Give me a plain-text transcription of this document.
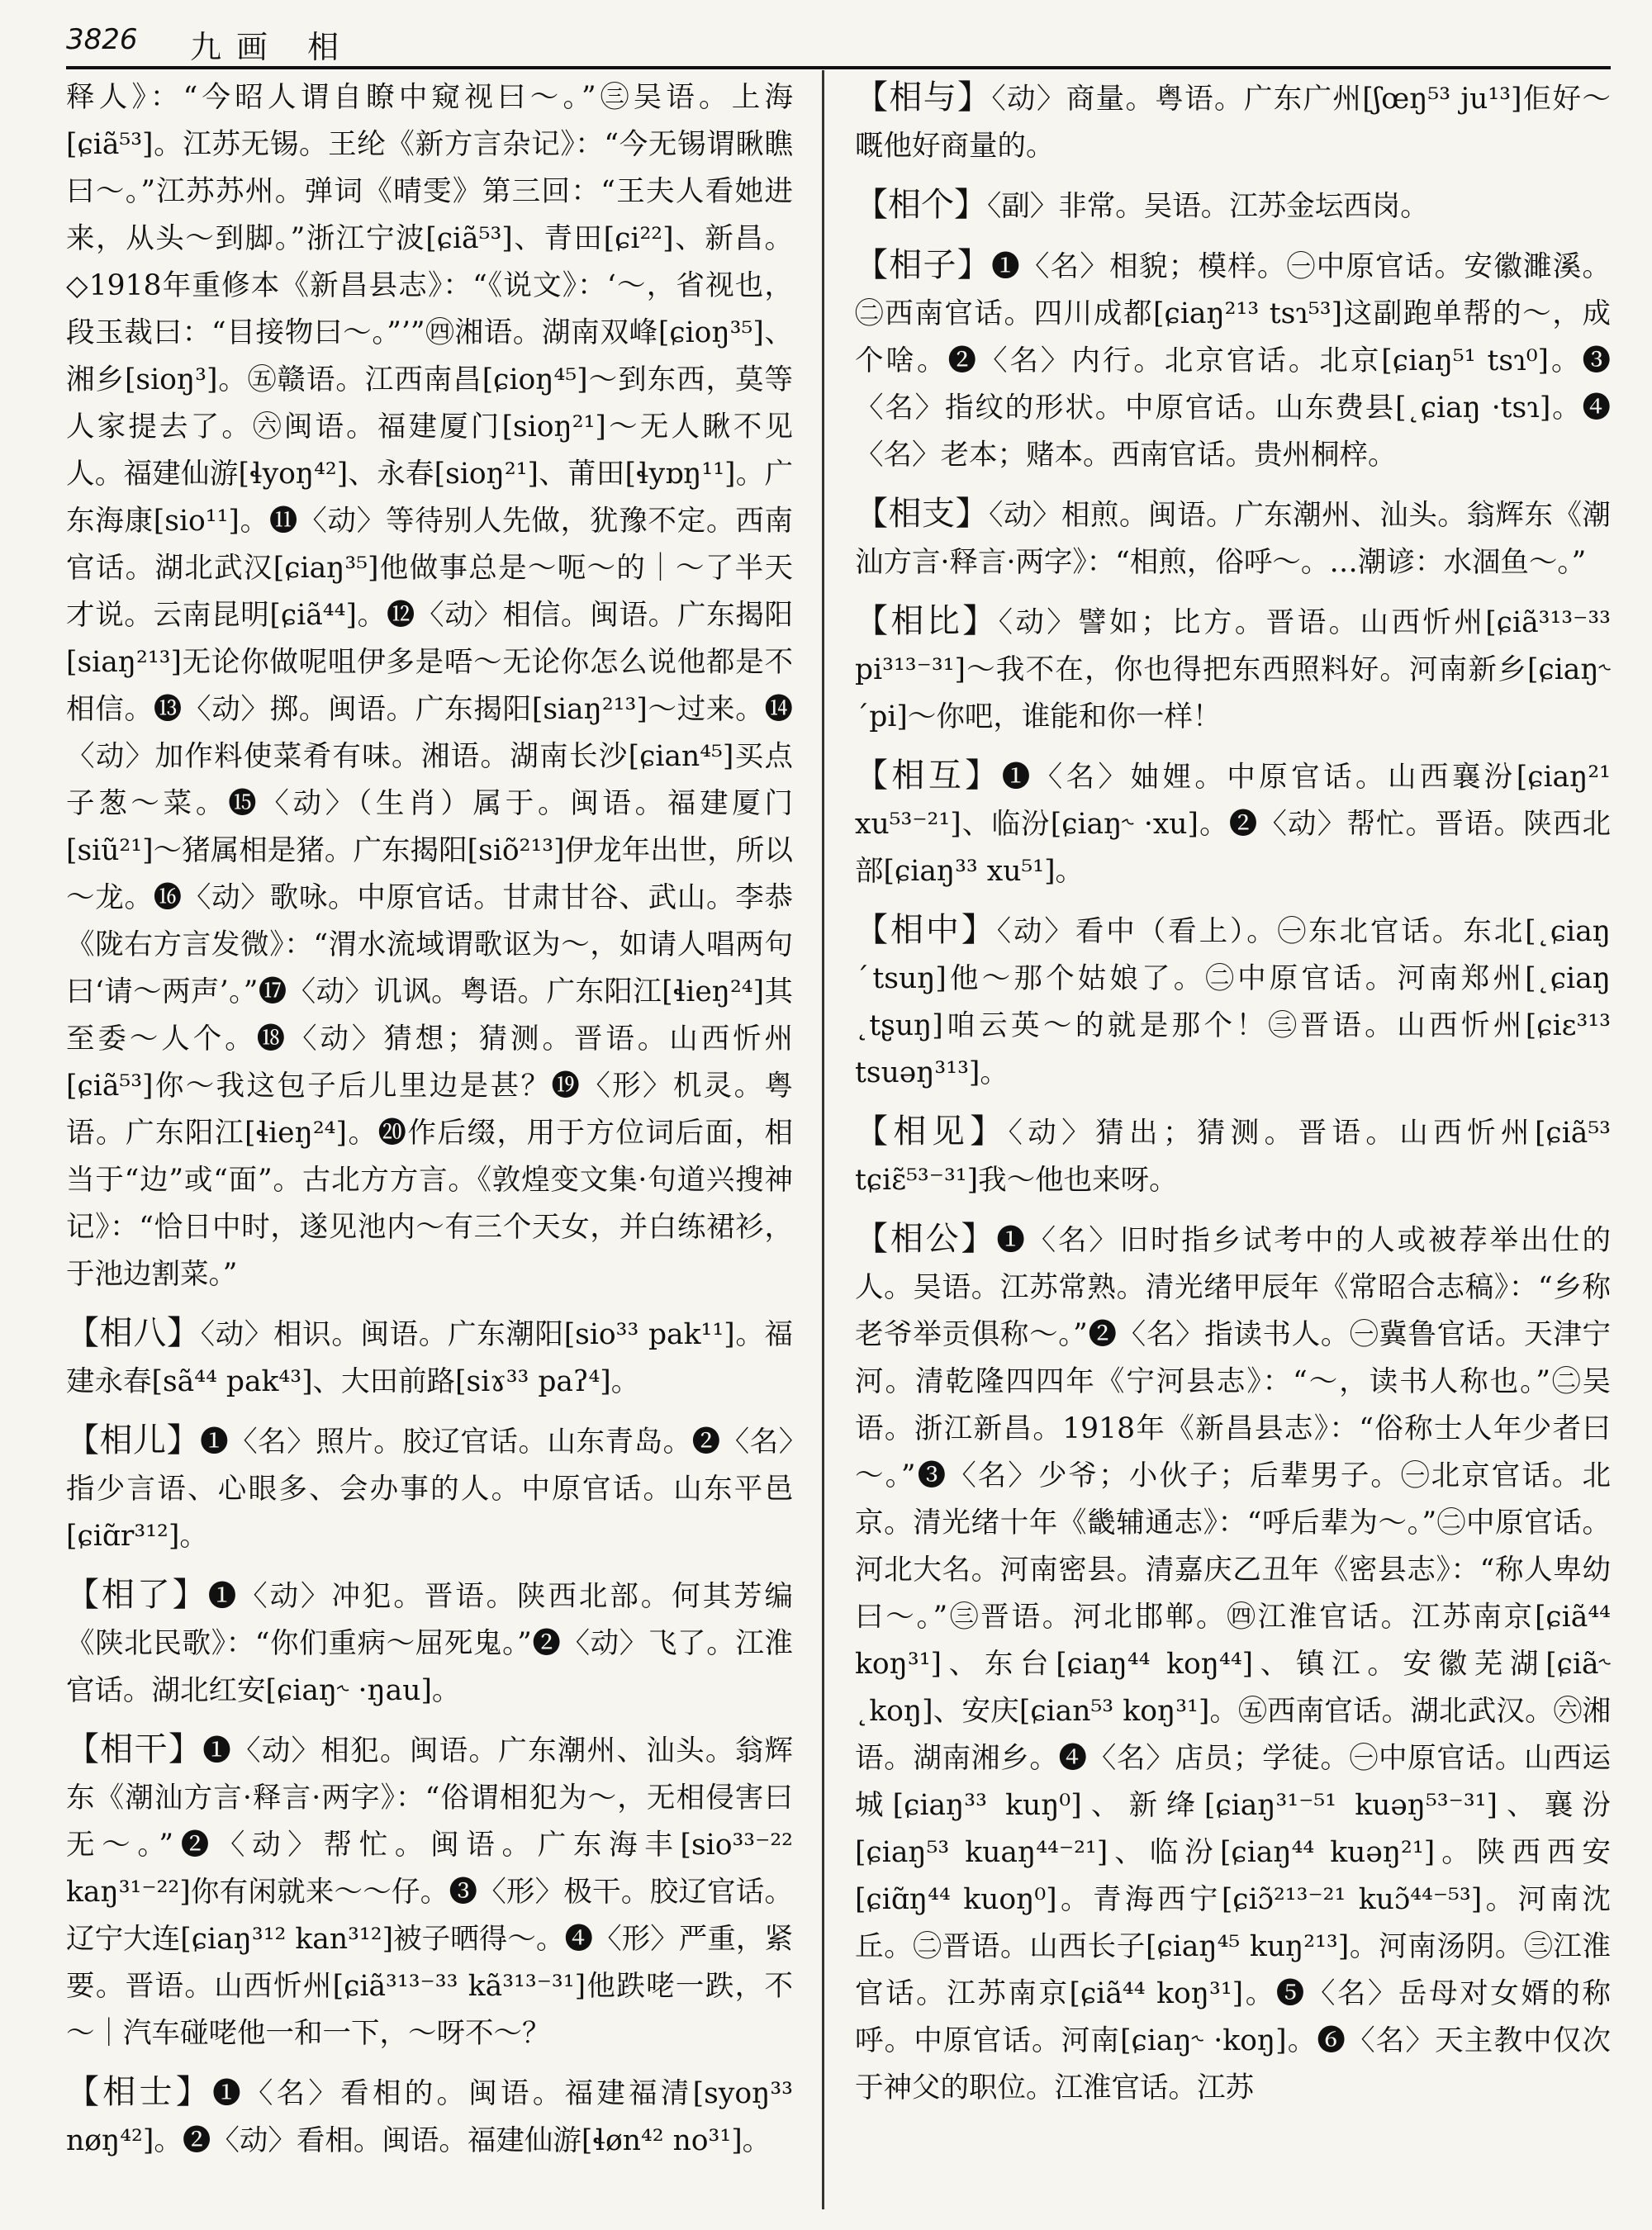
3826 九画 相
释人》：“今昭人谓自瞭中窥视曰～。”㊂吴语。上海[ɕiã⁵³]。江苏无锡。王纶《新方言杂记》：“今无锡谓瞅瞧曰～。”江苏苏州。弹词《晴雯》第三回：“王夫人看她进来，从头～到脚。”浙江宁波[ɕiã⁵³]、青田[ɕi²²]、新昌。◇1918年重修本《新昌县志》：“《说文》：‘～，省视也，段玉裁曰：“目接物曰～。”’”㊃湘语。湖南双峰[ɕioŋ³⁵]、湘乡[sioŋ³]。㊄赣语。江西南昌[ɕioŋ⁴⁵]～到东西，莫等人家提去了。㊅闽语。福建厦门[sioŋ²¹]～无人瞅不见人。福建仙游[ɬyoŋ⁴²]、永春[sioŋ²¹]、莆田[ɬyɒŋ¹¹]。广东海康[sio¹¹]。⓫〈动〉等待别人先做，犹豫不定。西南官话。湖北武汉[ɕiaŋ³⁵]他做事总是～呃～的｜～了半天才说。云南昆明[ɕiã⁴⁴]。⓬〈动〉相信。闽语。广东揭阳[siaŋ²¹³]无论你做呢咀伊多是唔～无论你怎么说他都是不相信。⓭〈动〉掷。闽语。广东揭阳[siaŋ²¹³]～过来。⓮〈动〉加作料使菜肴有味。湘语。湖南长沙[ɕian⁴⁵]买点子葱～菜。⓯〈动〉（生肖）属于。闽语。福建厦门[siũ²¹]～猪属相是猪。广东揭阳[siõ²¹³]伊龙年出世，所以～龙。⓰〈动〉歌咏。中原官话。甘肃甘谷、武山。李恭《陇右方言发微》：“渭水流域谓歌讴为～，如请人唱两句曰‘请～两声’。”⓱〈动〉讥讽。粤语。广东阳江[ɬieŋ²⁴]其至委～人个。⓲〈动〉猜想；猜测。晋语。山西忻州[ɕiã⁵³]你～我这包子后儿里边是甚？⓳〈形〉机灵。粤语。广东阳江[ɬieŋ²⁴]。⓴作后缀，用于方位词后面，相当于“边”或“面”。古北方方言。《敦煌变文集·句道兴搜神记》：“恰日中时，遂见池内～有三个天女，并白练裙衫，于池边割菜。”
【相八】〈动〉相识。闽语。广东潮阳[sio³³ pak¹¹]。福建永春[sã⁴⁴ pak⁴³]、大田前路[siɤ³³ paʔ⁴]。
【相儿】❶〈名〉照片。胶辽官话。山东青岛。❷〈名〉指少言语、心眼多、会办事的人。中原官话。山东平邑[ɕiɑ̃r³¹²]。
【相了】❶〈动〉冲犯。晋语。陕西北部。何其芳编《陕北民歌》：“你们重病～屈死鬼。”❷〈动〉飞了。江淮官话。湖北红安[ɕiaŋ˞ ·ŋau]。
【相干】❶〈动〉相犯。闽语。广东潮州、汕头。翁辉东《潮汕方言·释言·两字》：“俗谓相犯为～，无相侵害曰无～。”❷〈动〉帮忙。闽语。广东海丰[sio³³⁻²² kaŋ³¹⁻²²]你有闲就来～～仔。❸〈形〉极干。胶辽官话。辽宁大连[ɕiaŋ³¹² kan³¹²]被子晒得～。❹〈形〉严重，紧要。晋语。山西忻州[ɕiã³¹³⁻³³ kã³¹³⁻³¹]他跌咾一跌，不～｜汽车碰咾他一和一下，～呀不～？
【相士】❶〈名〉看相的。闽语。福建福清[syoŋ³³ nøŋ⁴²]。❷〈动〉看相。闽语。福建仙游[ɬøn⁴² no³¹]。
【相与】〈动〉商量。粤语。广东广州[ʃœŋ⁵³ ju¹³]佢好～嘅他好商量的。
【相个】〈副〉非常。吴语。江苏金坛西岗。
【相子】❶〈名〉相貌；模样。㊀中原官话。安徽濉溪。㊁西南官话。四川成都[ɕiaŋ²¹³ tsɿ⁵³]这副跑单帮的～，成个啥。❷〈名〉内行。北京官话。北京[ɕiaŋ⁵¹ tsɿ⁰]。❸〈名〉指纹的形状。中原官话。山东费县[˛ɕiaŋ ·tsɿ]。❹〈名〉老本；赌本。西南官话。贵州桐梓。
【相支】〈动〉相煎。闽语。广东潮州、汕头。翁辉东《潮汕方言·释言·两字》：“相煎，俗呼～。…潮谚：水涸鱼～。”
【相比】〈动〉譬如；比方。晋语。山西忻州[ɕiã³¹³⁻³³ pi³¹³⁻³¹]～我不在，你也得把东西照料好。河南新乡[ɕiaŋ˞ ˊpi]～你吧，谁能和你一样！
【相互】❶〈名〉妯娌。中原官话。山西襄汾[ɕiaŋ²¹ xu⁵³⁻²¹]、临汾[ɕiaŋ˞ ·xu]。❷〈动〉帮忙。晋语。陕西北部[ɕiaŋ³³ xu⁵¹]。
【相中】〈动〉看中（看上）。㊀东北官话。东北[˛ɕiaŋ ˊtsuŋ]他～那个姑娘了。㊁中原官话。河南郑州[˛ɕiaŋ ˛tʂuŋ]咱云英～的就是那个！㊂晋语。山西忻州[ɕiɛ³¹³ tsuəŋ³¹³]。
【相见】〈动〉猜出；猜测。晋语。山西忻州[ɕiã⁵³ tɕiɛ̃⁵³⁻³¹]我～他也来呀。
【相公】❶〈名〉旧时指乡试考中的人或被荐举出仕的人。吴语。江苏常熟。清光绪甲辰年《常昭合志稿》：“乡称老爷举贡俱称～。”❷〈名〉指读书人。㊀冀鲁官话。天津宁河。清乾隆四四年《宁河县志》：“～，读书人称也。”㊁吴语。浙江新昌。1918年《新昌县志》：“俗称士人年少者曰～。”❸〈名〉少爷；小伙子；后辈男子。㊀北京官话。北京。清光绪十年《畿辅通志》：“呼后辈为～。”㊁中原官话。河北大名。河南密县。清嘉庆乙丑年《密县志》：“称人卑幼曰～。”㊂晋语。河北邯郸。㊃江淮官话。江苏南京[ɕiã⁴⁴ koŋ³¹]、东台[ɕiaŋ⁴⁴ koŋ⁴⁴]、镇江。安徽芜湖[ɕiã˞ ˛koŋ]、安庆[ɕian⁵³ koŋ³¹]。㊄西南官话。湖北武汉。㊅湘语。湖南湘乡。❹〈名〉店员；学徒。㊀中原官话。山西运城[ɕiaŋ³³ kuŋ⁰]、新绛[ɕiaŋ³¹⁻⁵¹ kuəŋ⁵³⁻³¹]、襄汾[ɕiaŋ⁵³ kuaŋ⁴⁴⁻²¹]、临汾[ɕiaŋ⁴⁴ kuəŋ²¹]。陕西西安[ɕiɑ̃ŋ⁴⁴ kuoŋ⁰]。青海西宁[ɕiɔ̃²¹³⁻²¹ kuɔ̃⁴⁴⁻⁵³]。河南沈丘。㊁晋语。山西长子[ɕiaŋ⁴⁵ kuŋ²¹³]。河南汤阴。㊂江淮官话。江苏南京[ɕiã⁴⁴ koŋ³¹]。❺〈名〉岳母对女婿的称呼。中原官话。河南[ɕiaŋ˞ ·koŋ]。❻〈名〉天主教中仅次于神父的职位。江淮官话。江苏
